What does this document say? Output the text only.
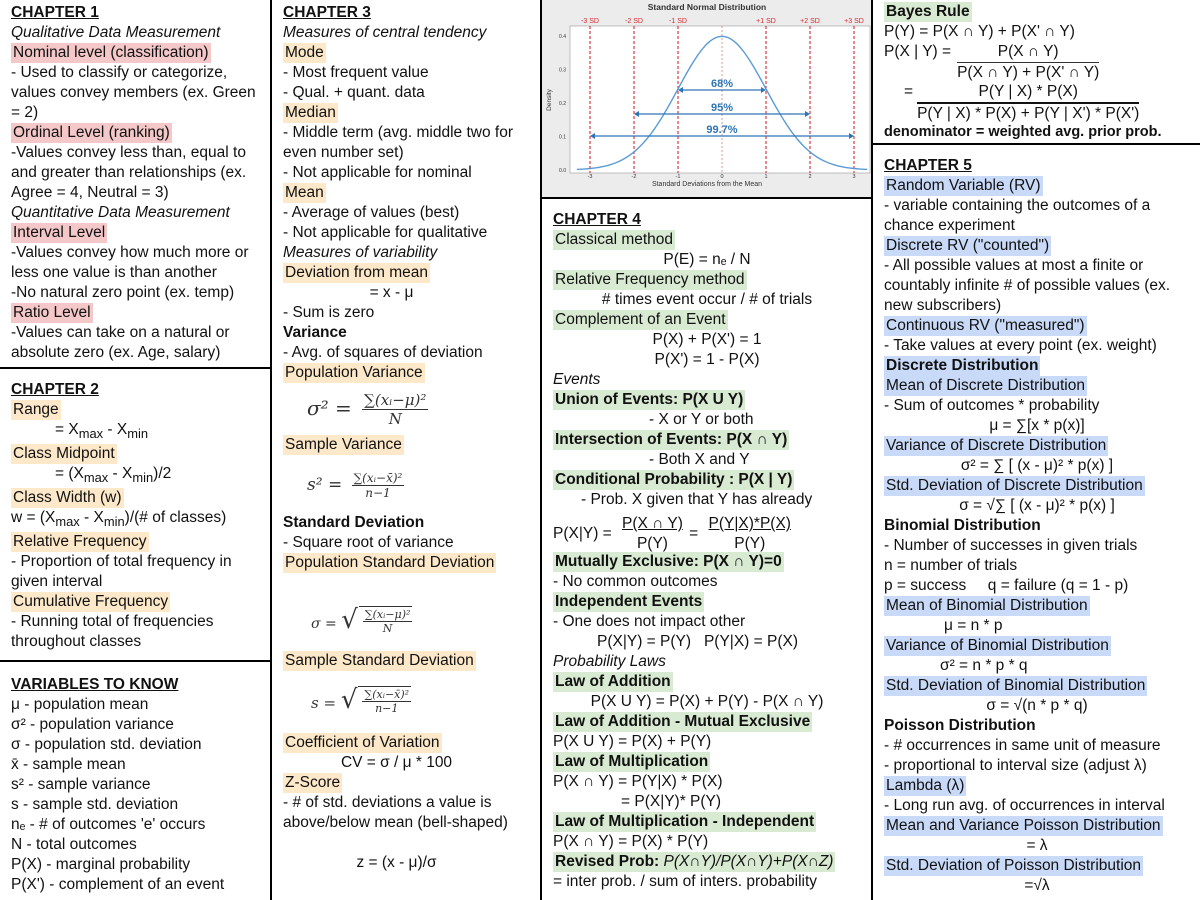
CHAPTER 1
Qualitative Data Measurement
Nominal level (classification)
- Used to classify or categorize, values convey members (ex. Green = 2)
Ordinal Level (ranking)
-Values convey less than, equal to and greater than relationships (ex. Agree = 4, Neutral = 3)
Quantitative Data Measurement
Interval Level
-Values convey how much more or less one value is than another
-No natural zero point (ex. temp)
Ratio Level
-Values can take on a natural or absolute zero (ex. Age, salary)
CHAPTER 2
Range
= $X_{max} - X_{min}$
Class Midpoint
= $(X_{max} - X_{min})/2$
Class Width (w)
$w = (X_{max}$ - $X_{min})/(\#$ of classes)
Relative Frequency
- Proportion of total frequency in given interval
Cumulative Frequency
- Running total of frequencies throughout classes
VARIABLES TO KNOW
μ - population mean
σ² - population variance
σ - population std. deviation
x̄ - sample mean
s² - sample variance
s - sample std. deviation
nₑ - # of outcomes 'e' occurs
N - total outcomes
P(X) - marginal probability
P(X') - complement of an event
CHAPTER 3
Measures of central tendency
Mode
- Most frequent value
- Qual. + quant. data
Median
- Middle term (avg. middle two for even number set)
- Not applicable for nominal
Mean
- Average of values (best)
- Not applicable for qualitative
Measures of variability
Deviation from mean
= x - μ
- Sum is zero
Variance
- Avg. of squares of deviation
Population Variance
$\sigma^2 = \frac{\text{∑(xᵢ−μ)²}}{N}$
Sample Variance
$s^2 = \frac{\text{∑(xᵢ−x̄)²}}{n-1}$
Standard Deviation
- Square root of variance
Population Standard Deviation
σ = √ $\frac{\text{∑(xᵢ−μ)²}}{N}$
Sample Standard Deviation
s = √ $\frac{\text{∑(xᵢ−x̄)²}}{n-1}$
Coefficient of Variation
CV = σ / μ * 100
Z-Score
- # of std. deviations a value is above/below mean (bell-shaped)
z = (x - μ)/σ
Standard Normal Distribution
-3 SD	-2 SD	-1 SD	+1 SD	+2 SD	+3 SD
68%
95%
99.7%
-3	-2	-1	0	1	2	3
0.4
0.3
0.2
0.1
0.0
Standard Deviations from the Mean
Density
CHAPTER 4
Classical method
P(E) = nₑ / N
Relative Frequency method
# times event occur / # of trials
Complement of an Event
P(X) + P(X') = 1
P(X') = 1 - P(X)
Events
Union of Events: P(X U Y)
- X or Y or both
Intersection of Events: P(X ∩ Y)
- Both X and Y
Conditional Probability : P(X | Y)
- Prob. X given that Y has already
$P(X|Y) = \frac{P(X \cap Y)}{P(Y)} = \frac{P(Y|X)*P(X)}{P(Y)}$
Mutually Exclusive: P(X ∩ Y)=0
- No common outcomes
Independent Events
- One does not impact other
P(X|Y) = P(Y)   P(Y|X) = P(X)
Probability Laws
Law of Addition
P(X U Y) = P(X) + P(Y) - P(X ∩ Y)
Law of Addition - Mutual Exclusive
P(X U Y) = P(X) + P(Y)
Law of Multiplication
P(X ∩ Y) = P(Y|X) * P(X)
= P(X|Y)* P(Y)
Law of Multiplication - Independent
P(X ∩ Y) = P(X) * P(Y)
Revised Prob: P(X∩Y)/P(X∩Y)+P(X∩Z)
= inter prob. / sum of inters. probability
Bayes Rule
P(Y) = P(X ∩ Y) + P(X' ∩ Y)
P(X | $Y) = \frac{P(X \cap Y)}{P(X \cap Y) + P(X' \cap Y)}$
= $\frac{P(Y | X) * P(X)}{P(Y | X) * P(X) + P(Y | X') * P(X')}$
denominator = weighted avg. prior prob.
CHAPTER 5
Random Variable (RV)
- variable containing the outcomes of a chance experiment
Discrete RV ("counted")
- All possible values at most a finite or countably infinite # of possible values (ex. new subscribers)
Continuous RV ("measured")
- Take values at every point (ex. weight)
Discrete Distribution
Mean of Discrete Distribution
- Sum of outcomes * probability
μ = ∑[x * p(x)]
Variance of Discrete Distribution
σ² = ∑ [ (x - μ)² * p(x) ]
Std. Deviation of Discrete Distribution
σ = √∑ [ (x - μ)² * p(x) ]
Binomial Distribution
- Number of successes in given trials
n = number of trials
p = success     q = failure (q = 1 - p)
Mean of Binomial Distribution
μ = n * p
Variance of Binomial Distribution
σ² = n * p * q
Std. Deviation of Binomial Distribution
σ = √(n * p * q)
Poisson Distribution
- # occurrences in same unit of measure
- proportional to interval size (adjust λ)
Lambda (λ)
- Long run avg. of occurrences in interval
Mean and Variance Poisson Distribution
= λ
Std. Deviation of Poisson Distribution
=√λ
